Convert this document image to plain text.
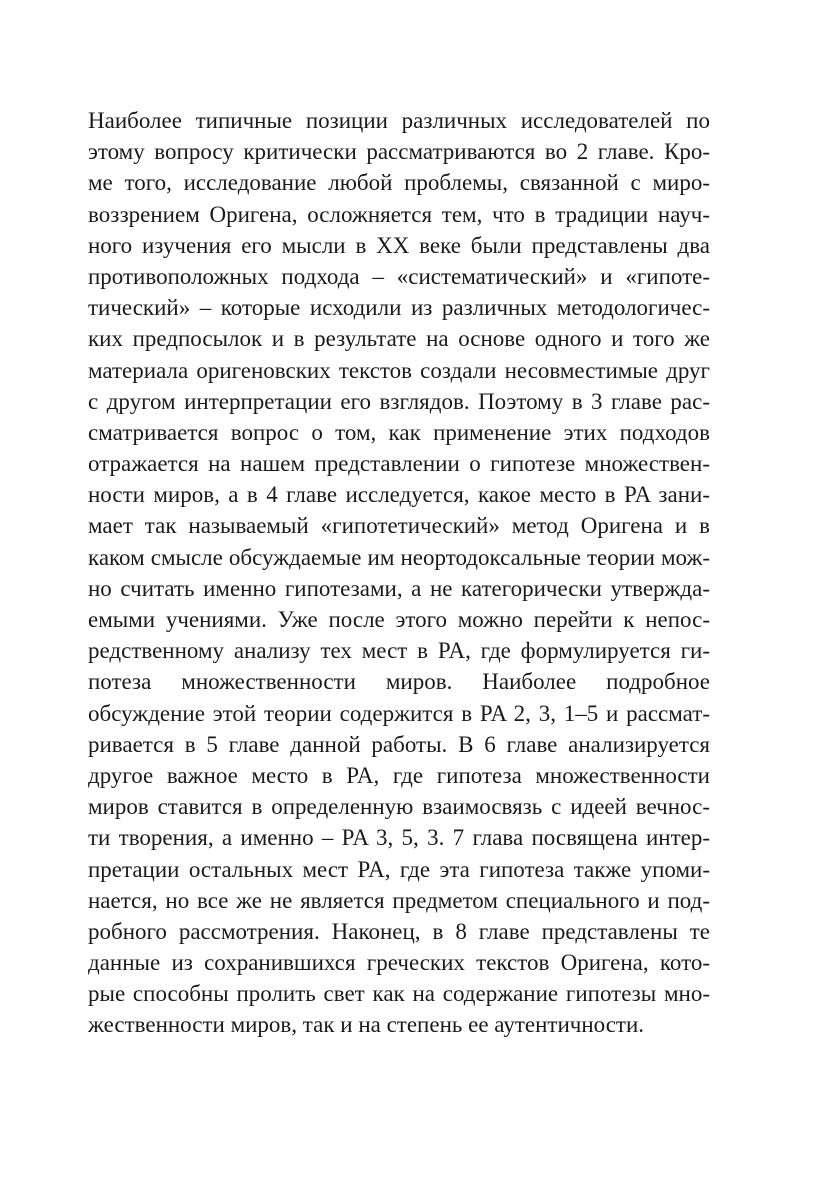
Наиболее типичные позиции различных исследователей по
этому вопросу критически рассматриваются во 2 главе. Кро-
ме того, исследование любой проблемы, связанной с миро-
воззрением Оригена, осложняется тем, что в традиции науч-
ного изучения его мысли в XX веке были представлены два
противоположных подхода – «систематический» и «гипоте-
тический» – которые исходили из различных методологичес-
ких предпосылок и в результате на основе одного и того же
материала оригеновских текстов создали несовместимые друг
с другом интерпретации его взглядов. Поэтому в 3 главе рас-
сматривается вопрос о том, как применение этих подходов
отражается на нашем представлении о гипотезе множествен-
ности миров, а в 4 главе исследуется, какое место в PA зани-
мает так называемый «гипотетический» метод Оригена и в
каком смысле обсуждаемые им неортодоксальные теории мож-
но считать именно гипотезами, а не категорически утвержда-
емыми учениями. Уже после этого можно перейти к непос-
редственному анализу тех мест в PA, где формулируется ги-
потеза множественности миров. Наиболее подробное
обсуждение этой теории содержится в PA 2, 3, 1–5 и рассмат-
ривается в 5 главе данной работы. В 6 главе анализируется
другое важное место в PA, где гипотеза множественности
миров ставится в определенную взаимосвязь с идеей вечнос-
ти творения, а именно – PA 3, 5, 3. 7 глава посвящена интер-
претации остальных мест PA, где эта гипотеза также упоми-
нается, но все же не является предметом специального и под-
робного рассмотрения. Наконец, в 8 главе представлены те
данные из сохранившихся греческих текстов Оригена, кото-
рые способны пролить свет как на содержание гипотезы мно-
жественности миров, так и на степень ее аутентичности.
